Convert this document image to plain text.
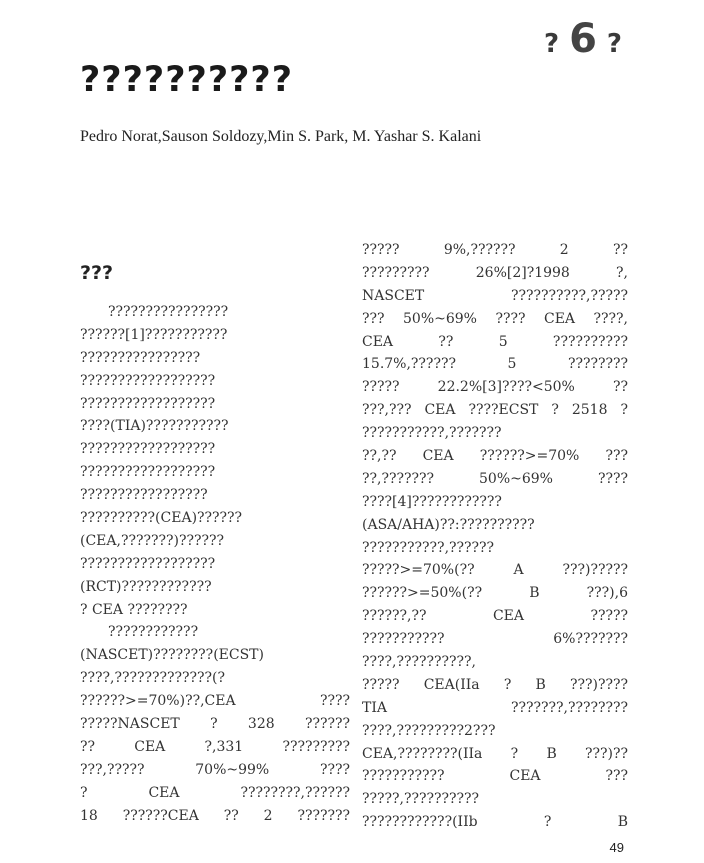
? 6 ?
??????????
Pedro Norat,Sauson Soldozy,Min S. Park, M. Yashar S. Kalani
???
????????????????
??????[1]???????????
????????????????
??????????????????
??????????????????
????(TIA)???????????
??????????????????
??????????????????
?????????????????
??????????(CEA)??????
(CEA,???????)??????
??????????????????
(RCT)????????????
? CEA ????????
????????????
(NASCET)????????(ECST)
????,?????????????(?
??????>=70%)??,CEA ????
?????NASCET ? 328 ??????
?? CEA ?,331 ?????????
???,????? 70%~99% ????
? CEA ????????,??????
18 ??????CEA ?? 2 ???????
????? 9%,?????? 2 ??
????????? 26%[2]?1998 ?,
NASCET ??????????,?????
??? 50%~69% ???? CEA ????,
CEA ?? 5 ??????????
15.7%,?????? 5 ????????
????? 22.2%[3]????<50% ??
???,??? CEA ????ECST ? 2518 ?
???????????,???????
??,?? CEA ??????>=70% ???
??,??????? 50%~69% ????
????[4]????????????
(ASA/AHA)??:??????????
???????????,??????
?????>=70%(?? A ???)?????
??????>=50%(?? B ???),6
??????,?? CEA ?????
??????????? 6%???????
????,??????????,
????? CEA(IIa ? B ???)????
TIA ???????,????????
????,?????????2???
CEA,????????(IIa ? B ???)??
??????????? CEA ???
?????,??????????
????????????(IIb ? B
49
